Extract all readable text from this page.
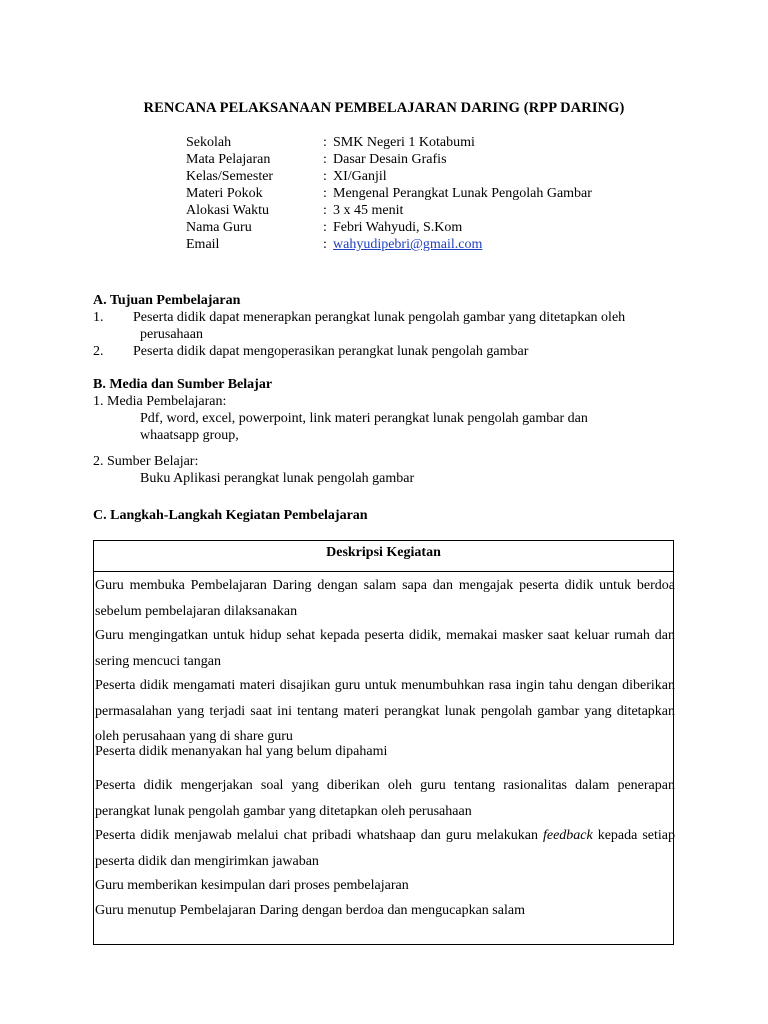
RENCANA PELAKSANAAN PEMBELAJARAN DARING (RPP DARING)
Sekolah	: SMK Negeri 1 Kotabumi
Mata Pelajaran	: Dasar Desain Grafis
Kelas/Semester	: XI/Ganjil
Materi Pokok	: Mengenal Perangkat Lunak Pengolah Gambar
Alokasi Waktu	: 3 x 45 menit
Nama Guru	: Febri Wahyudi, S.Kom
Email	: wahyudipebri@gmail.com
A. Tujuan Pembelajaran
1. Peserta didik dapat menerapkan perangkat lunak pengolah gambar yang ditetapkan oleh
perusahaan
2. Peserta didik dapat mengoperasikan perangkat lunak pengolah gambar
B. Media dan Sumber Belajar
1. Media Pembelajaran:
Pdf, word, excel, powerpoint, link materi perangkat lunak pengolah gambar dan
whaatsapp group,
2. Sumber Belajar:
Buku Aplikasi perangkat lunak pengolah gambar
C. Langkah-Langkah Kegiatan Pembelajaran
Deskripsi Kegiatan
Guru membuka Pembelajaran Daring dengan salam sapa dan mengajak peserta didik untuk berdoa sebelum pembelajaran dilaksanakan
Guru mengingatkan untuk hidup sehat kepada peserta didik, memakai masker saat keluar rumah dan sering mencuci tangan
Peserta didik mengamati materi disajikan guru untuk menumbuhkan rasa ingin tahu dengan diberikan permasalahan yang terjadi saat ini tentang materi perangkat lunak pengolah gambar yang ditetapkan oleh perusahaan yang di share guru
Peserta didik menanyakan hal yang belum dipahami
Peserta didik mengerjakan soal yang diberikan oleh guru tentang rasionalitas dalam penerapan perangkat lunak pengolah gambar yang ditetapkan oleh perusahaan
Peserta didik menjawab melalui chat pribadi whatshaap dan guru melakukan feedback kepada setiap peserta didik dan mengirimkan jawaban
Guru memberikan kesimpulan dari proses pembelajaran
Guru menutup Pembelajaran Daring dengan berdoa dan mengucapkan salam
